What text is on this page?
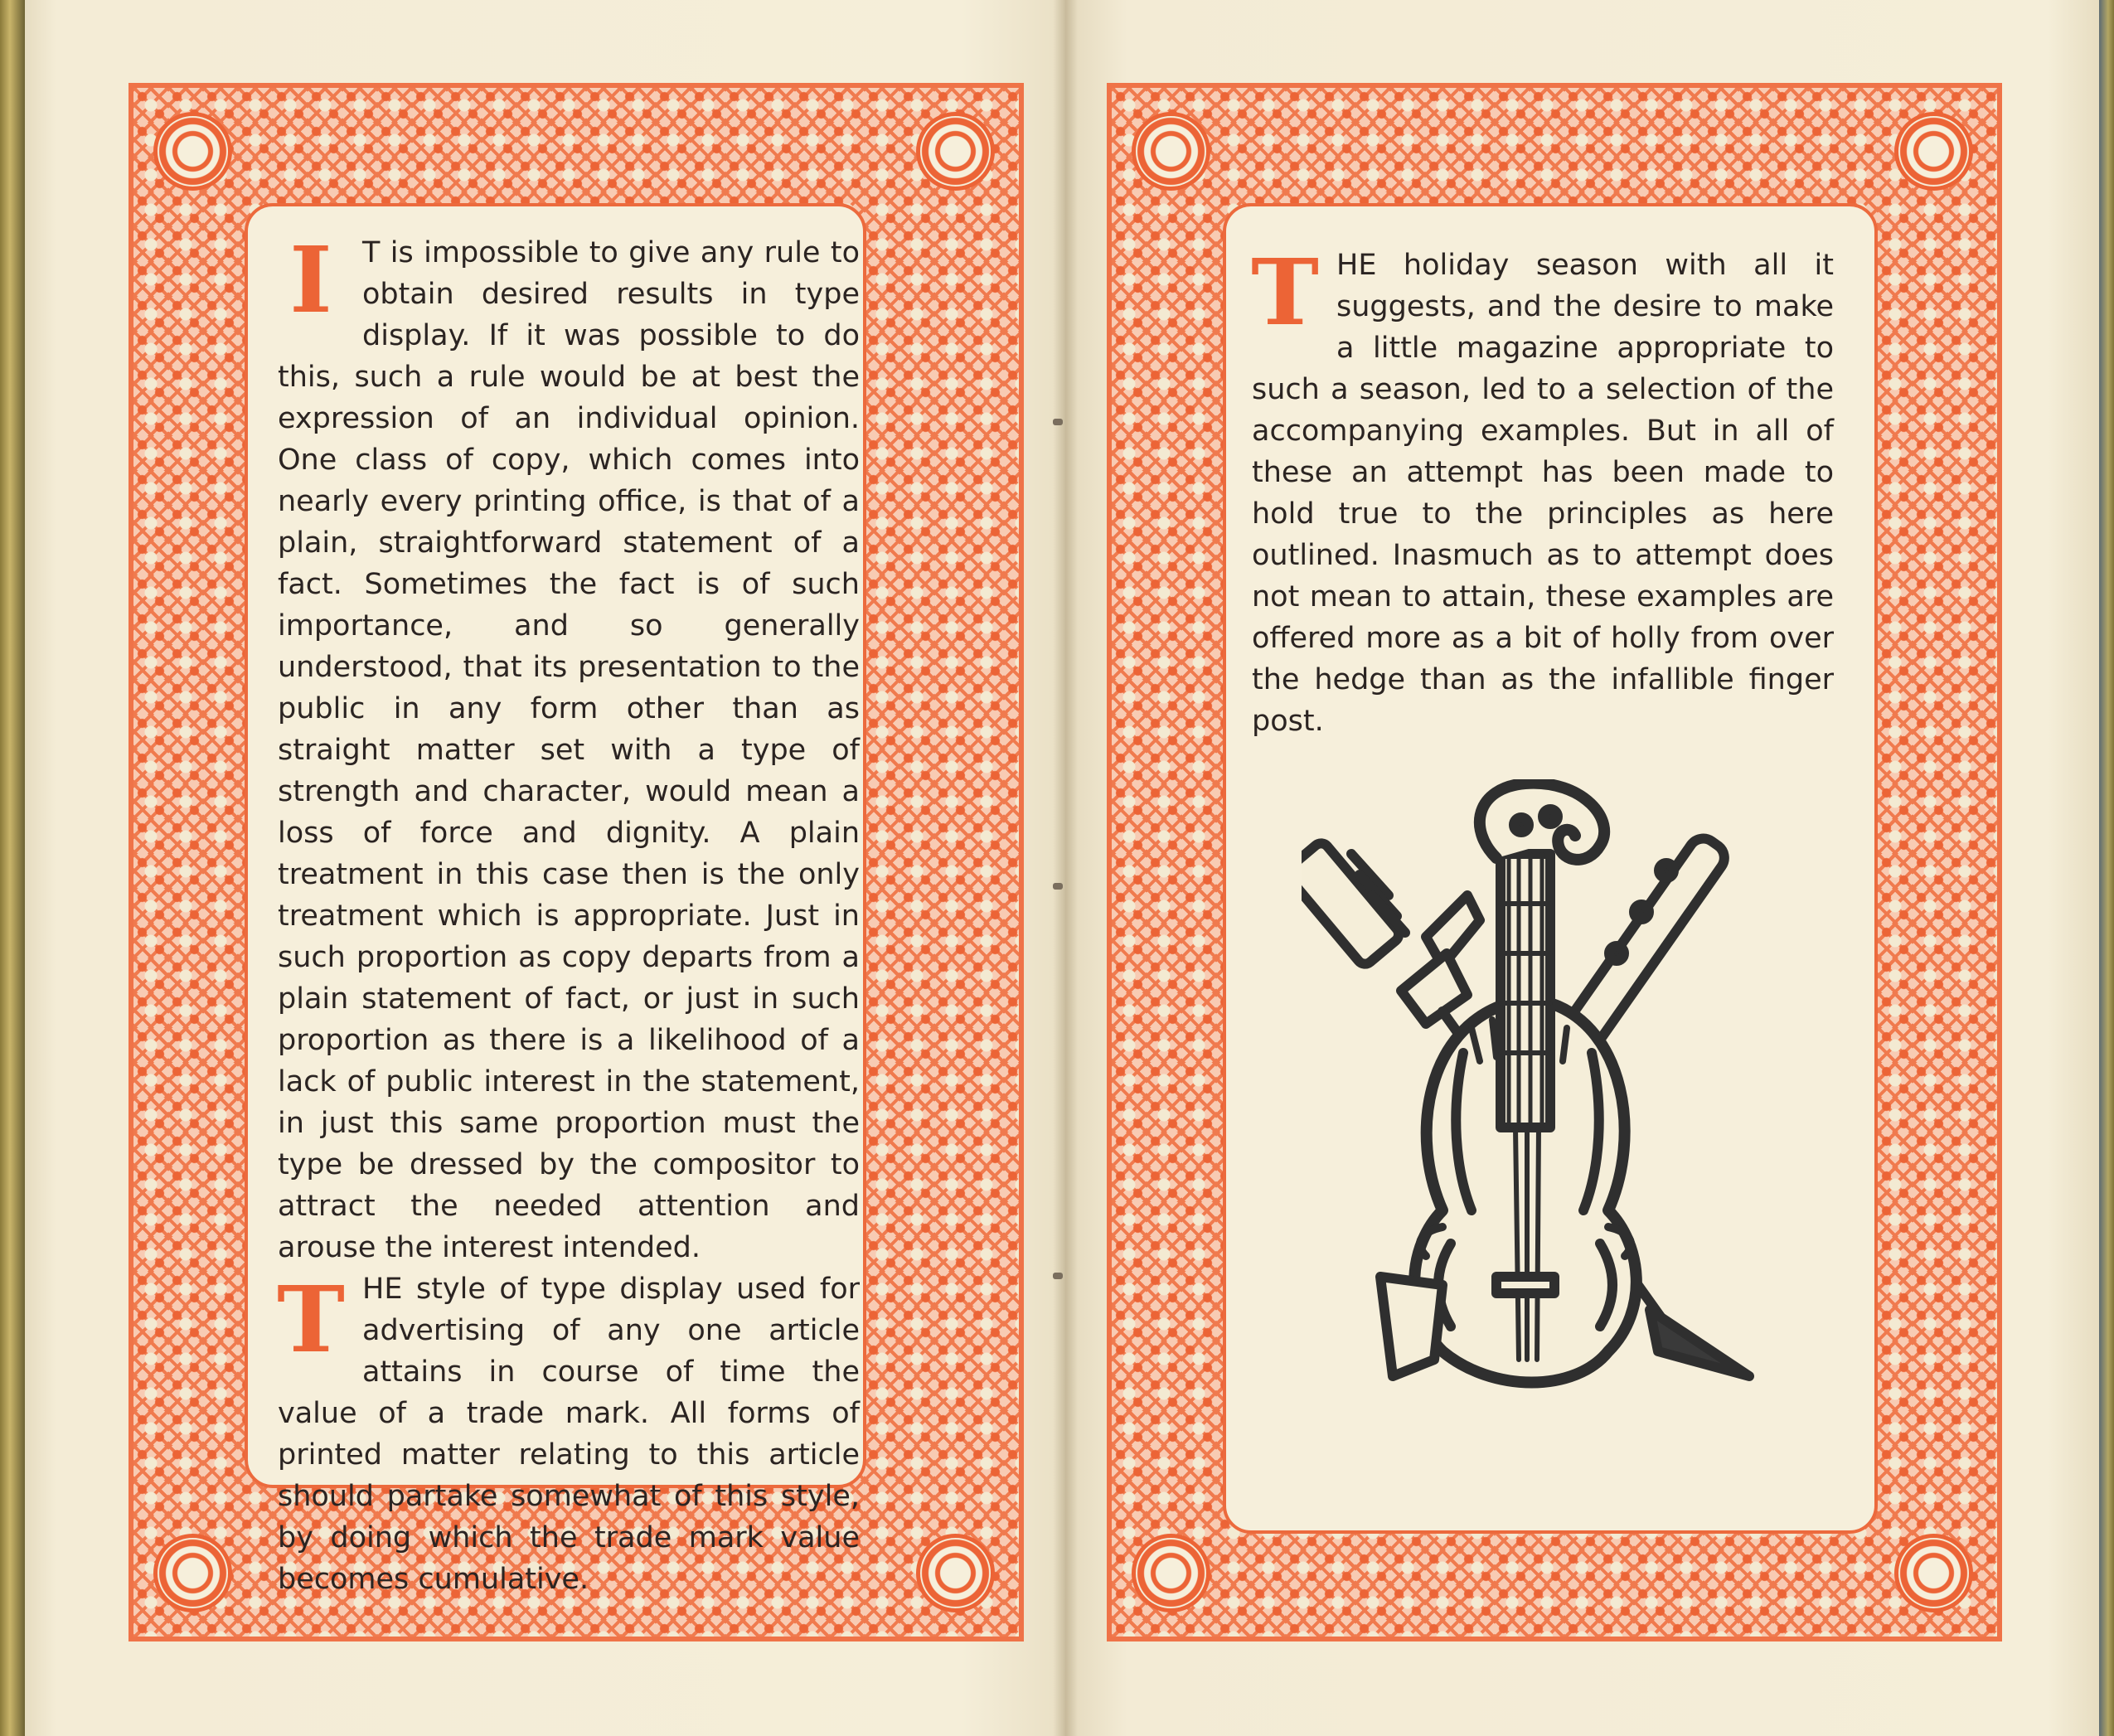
I	T is impossible to give any rule to obtain desired results in type display. If it was possible to do this, such a rule would be at best the expression of an individual opinion. One class of copy, which comes into nearly every printing office, is that of a plain, straightforward statement of a fact. Sometimes the fact is of such importance, and so generally understood, that its presentation to the public in any form other than as straight matter set with a type of strength and character, would mean a loss of force and dignity. A plain treatment in this case then is the only treatment which is appropriate. Just in such proportion as copy departs from a plain statement of fact, or just in such proportion as there is a likelihood of a lack of public interest in the statement, in just this same proportion must the type be dressed by the compositor to attract the needed attention and arouse the interest intended.

THE style of type display used for advertising of any one article attains in course of time the value of a trade mark. All forms of printed matter relating to this article should partake somewhat of this style, by doing which the trade mark value becomes cumulative.

THE holiday season with all it suggests, and the desire to make a little magazine appropriate to such a season, led to a selection of the accompanying examples. But in all of these an attempt has been made to hold true to the principles as here outlined. Inasmuch as to attempt does not mean to attain, these examples are offered more as a bit of holly from over the hedge than as the infallible finger post.
